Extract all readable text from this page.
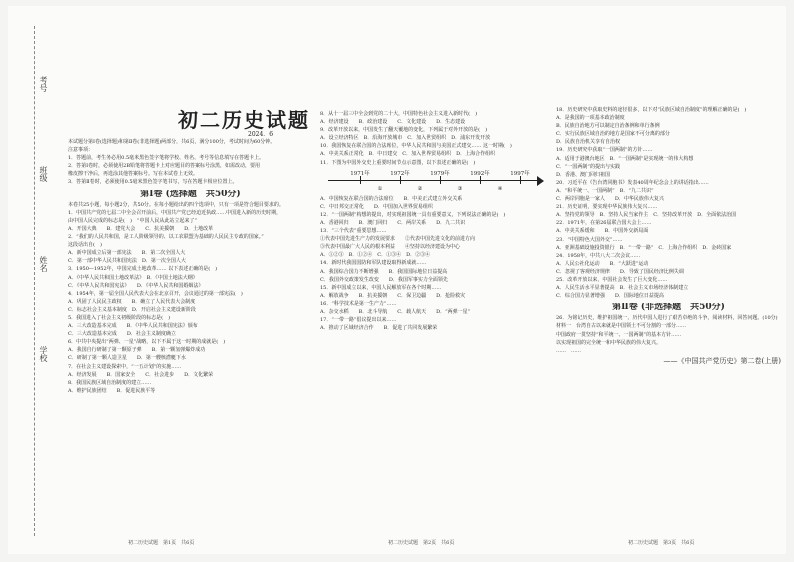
考号
班级
姓名
学校
初二历史试题
2024．6

本试题分第Ⅰ卷(选择题)和第Ⅱ卷(非选择题)两部分，共6页，满分100分，考试时间为60分钟。

注意事项：

1．答题前，考生务必用0.5毫米黑色签字笔将学校、姓名、考号等信息填写在答题卡上。

2．答第Ⅰ卷时，必须使用2B铅笔将答题卡上对应题目的答案标号涂黑，如需改动，要用

橡皮擦干净后，再选涂其他答案标号。写在本试卷上无效。

3．答第Ⅱ卷时，必须使用0.5毫米黑色签字笔书写，写在答题卡相应位置上。

第Ⅰ卷 (选择题　共50分)

本卷共25小题，每小题2分，共50分。在每小题给出的四个选项中，只有一项是符合题目要求的。

1．中国共产党的七届二中全会召开前后，中国共产党已经迫近执政……中国进入新的历史时期，

由中国人民完成的标志是(　)　“中国人民从此站立起来了”

A．开国大典　　B．建党大会　　C．抗美援朝　　D．土地改革

2．“我们的人民共和国，是工人阶级领导的、以工农联盟为基础的人民民主专政的国家。”

这段话出自(　)

A．新中国成立后第一部宪法　　B．第二次全国人大

C．第一部中华人民共和国宪法　D．第一次全国人大

3．1950—1952年，中国完成土地改革…… 以下表述正确的是(　)

A．《中华人民共和国土地改革法》　B．《中国土地法大纲》

C．《中华人民共和国宪法》　　D．《中华人民共和国婚姻法》

4．1954年，第一届全国人民代表大会在北京召开，会议通过的第一部宪法(　)

A．巩固了人民民主政权　　B．确立了人民代表大会制度

C．标志社会主义基本制度　D．开启社会主义建设新阶段

5．我国进入了社会主义初级阶段的标志是(　)

A．三大改造基本完成　　B．《中华人民共和国宪法》颁布

C．三大改造基本完成　　D．社会主义制度确立

6．中共中央提出“两弹、一星”战略，以下不属于这一时期的成就是(　)

A．我国自行研制了第一颗原子弹　　B．第一颗氢弹爆炸成功

C．研制了第一颗人造卫星　　D．第一艘核潜艇下水

7．在社会主义建设探索中，“一五计划”的实施……

A．经济发展　　B．国家安全　　C．社会进步　　D．文化繁荣

8．我国民族区域自治制度的建立……

A．维护民族团结　　B．促进民族平等

初二历史试题　第1页　共6页

8．从十一届三中全会到党的二十大，中国特色社会主义进入新时代(　)

A．经济建设　　B．政治建设　　C．文化建设　　D．生态建设

9．改革开放以来，中国发生了翻天覆地的变化，下列属于对外开放的是(　)

A．设立经济特区　B．沿海开放城市　C．加入世贸组织　D．浦东开发开放

10．我国恢复在联合国的合法席位，中华人民共和国与美国正式建交…… 这一时期(　)

A．中美关系正常化　B．中日建交　C．加入世界贸易组织　D．上海合作组织

11．下图为中国外交史上重要时间节点示意图，以下表述正确的是(　)

1971年	1972年	1979年	1992年	1997年
①	②	③	④

A．中国恢复在联合国的合法席位　　B．中美正式建立外交关系

C．中日邦交正常化　　D．中国加入世界贸易组织

12．“一国两制”构想的提出，对实现祖国统一具有重要意义，下列说法正确的是(　)

A．香港回归　　B．澳门回归　　C．两岸关系　　D．九二共识

13．“三个代表”重要思想……

①代表中国先进生产力的发展要求　　②代表中国先进文化的前进方向

③代表中国最广大人民的根本利益　　④坚持以经济建设为中心

A．①②③　B．①②④　C．①③④　D．②③④

14．新时代我国国防和军队建设取得新成就……

A．我国综合国力不断增强　　B．我国国际地位日益提高

C．我国外交政策发生改变　　D．我国军事实力全面领先

15．新中国成立以来，中国人民解放军在各个时期……

A．解放战争　　B．抗美援朝　　C．保卫边疆　　D．抢险救灾

16．“科学技术是第一生产力”……

A．杂交水稻　　B．北斗导航　　C．载人航天　　D．“两弹一星”

17．“一带一路”倡议提出以来……

A．推动了区域经济合作　　B．促进了共同发展繁荣

初二历史试题　第2页　共6页

18．历史研究中获取史料的途径很多，以下对“民族区域自治制度”的理解正确的是(　)

A．是我国的一项基本政治制度

B．民族自治地方可以制定自治条例和单行条例

C．实行民族区域自治的地方是国家不可分离的部分

D．民族自治机关享有自治权

19．历史研究中获取“一国两制”的方针……

A．适用于港澳台地区　B．“一国两制”是实现统一的伟大构想

C．“一国两制”的提出与实践

D．香港、澳门回归祖国

20．习近平在《告台湾同胞书》发表40周年纪念会上的讲话指出……

A．“和平统一、一国两制”　B．“九二共识”

C．两岸同胞是一家人　　D．中华民族伟大复兴

21．历史证明，要实现中华民族伟大复兴……

A．坚持党的领导　B．坚持人民当家作主　C．坚持改革开放　D．全面依法治国

22．1971年，在第26届联合国大会上……

A．中美关系缓和　　B．中国外交新局面

23．“中国特色大国外交”……

A．亚洲基础设施投资银行　B．“一带一路”　C．上海合作组织　D．金砖国家

24．1958年，中共八大二次会议……

A．人民公社化运动　　B．“大跃进”运动

C．忽视了客观经济规律　　D．导致了国民经济比例失调

25．改革开放以来，中国社会发生了巨大变化……

A．人民生活水平显著提高　B．社会主义市场经济体制建立

C．综合国力显著增强　　D．国际地位日益提高

第Ⅱ卷 (非选择题　共50分)

26．为铭记历史，维护祖国统一，历代中国人进行了艰苦卓绝的斗争，阅读材料，回答问题。(10分)

材料一　台湾自古以来就是中国领土不可分割的一部分……

中国政府一贯坚持“和平统一、一国两制”的基本方针……

以实现祖国的完全统一和中华民族的伟大复兴。

……　……

——《中国共产党历史》第二卷(上册)

初二历史试题　第3页　共6页
